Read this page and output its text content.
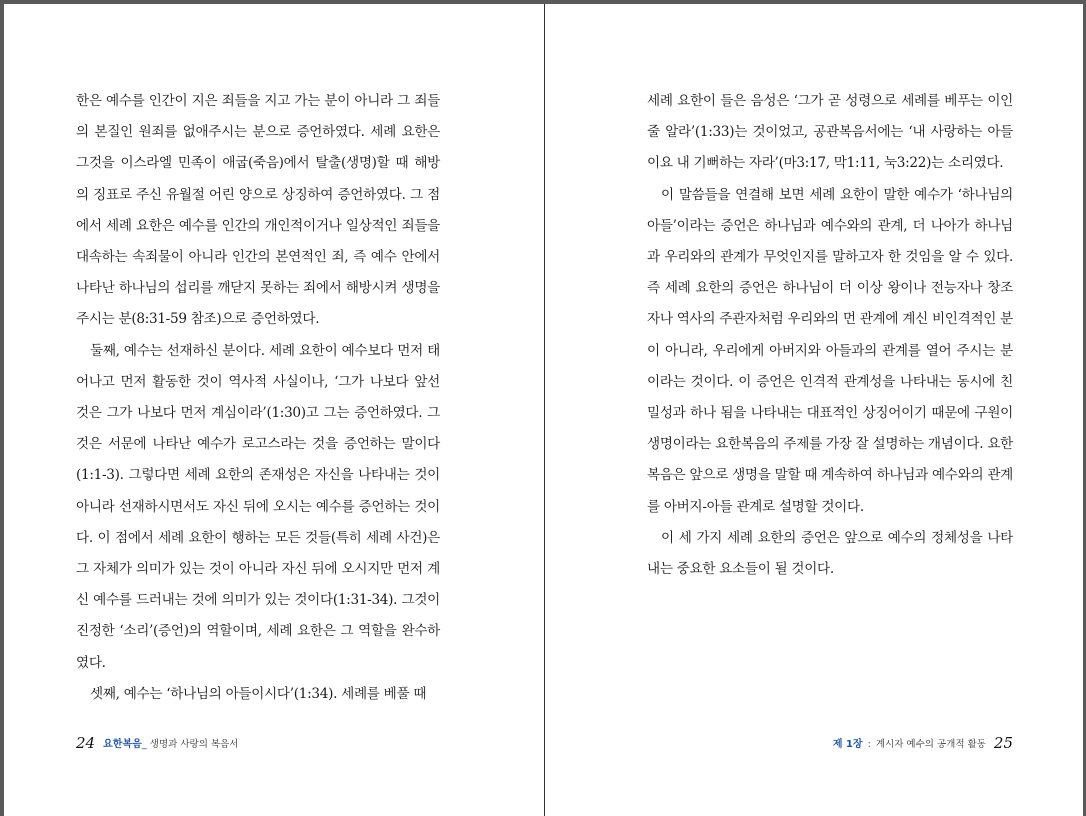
한은 예수를 인간이 지은 죄들을 지고 가는 분이 아니라 그 죄들의 본질인 원죄를 없애주시는 분으로 증언하였다. 세례 요한은 그것을 이스라엘 민족이 애굽(죽음)에서 탈출(생명)할 때 해방의 징표로 주신 유월절 어린 양으로 상징하여 증언하였다. 그 점에서 세례 요한은 예수를 인간의 개인적이거나 일상적인 죄들을 대속하는 속죄물이 아니라 인간의 본연적인 죄, 즉 예수 안에서 나타난 하나님의 섭리를 깨닫지 못하는 죄에서 해방시켜 생명을 주시는 분(8:31-59 참조)으로 증언하였다.

둘째, 예수는 선재하신 분이다. 세례 요한이 예수보다 먼저 태어나고 먼저 활동한 것이 역사적 사실이나, ‘그가 나보다 앞선 것은 그가 나보다 먼저 계심이라’(1:30)고 그는 증언하였다. 그것은 서문에 나타난 예수가 로고스라는 것을 증언하는 말이다(1:1-3). 그렇다면 세례 요한의 존재성은 자신을 나타내는 것이 아니라 선재하시면서도 자신 뒤에 오시는 예수를 증언하는 것이다. 이 점에서 세례 요한이 행하는 모든 것들(특히 세례 사건)은 그 자체가 의미가 있는 것이 아니라 자신 뒤에 오시지만 먼저 계신 예수를 드러내는 것에 의미가 있는 것이다(1:31-34). 그것이 진정한 ‘소리’(증언)의 역할이며, 세례 요한은 그 역할을 완수하였다.

셋째, 예수는 ‘하나님의 아들이시다’(1:34). 세례를 베풀 때

24 요한복음_ 생명과 사랑의 복음서

세례 요한이 들은 음성은 ‘그가 곧 성령으로 세례를 베푸는 이인 줄 알라’(1:33)는 것이었고, 공관복음서에는 ‘내 사랑하는 아들이요 내 기뻐하는 자라’(마3:17, 막1:11, 눅3:22)는 소리였다.

이 말씀들을 연결해 보면 세례 요한이 말한 예수가 ‘하나님의 아들’이라는 증언은 하나님과 예수와의 관계, 더 나아가 하나님과 우리와의 관계가 무엇인지를 말하고자 한 것임을 알 수 있다. 즉 세례 요한의 증언은 하나님이 더 이상 왕이나 전능자나 창조자나 역사의 주관자처럼 우리와의 먼 관계에 계신 비인격적인 분이 아니라, 우리에게 아버지와 아들과의 관계를 열어 주시는 분이라는 것이다. 이 증언은 인격적 관계성을 나타내는 동시에 친밀성과 하나 됨을 나타내는 대표적인 상징어이기 때문에 구원이 생명이라는 요한복음의 주제를 가장 잘 설명하는 개념이다. 요한복음은 앞으로 생명을 말할 때 계속하여 하나님과 예수와의 관계를 아버지-아들 관계로 설명할 것이다.

이 세 가지 세례 요한의 증언은 앞으로 예수의 정체성을 나타내는 중요한 요소들이 될 것이다.

제 1장 : 계시자 예수의 공개적 활동 25
